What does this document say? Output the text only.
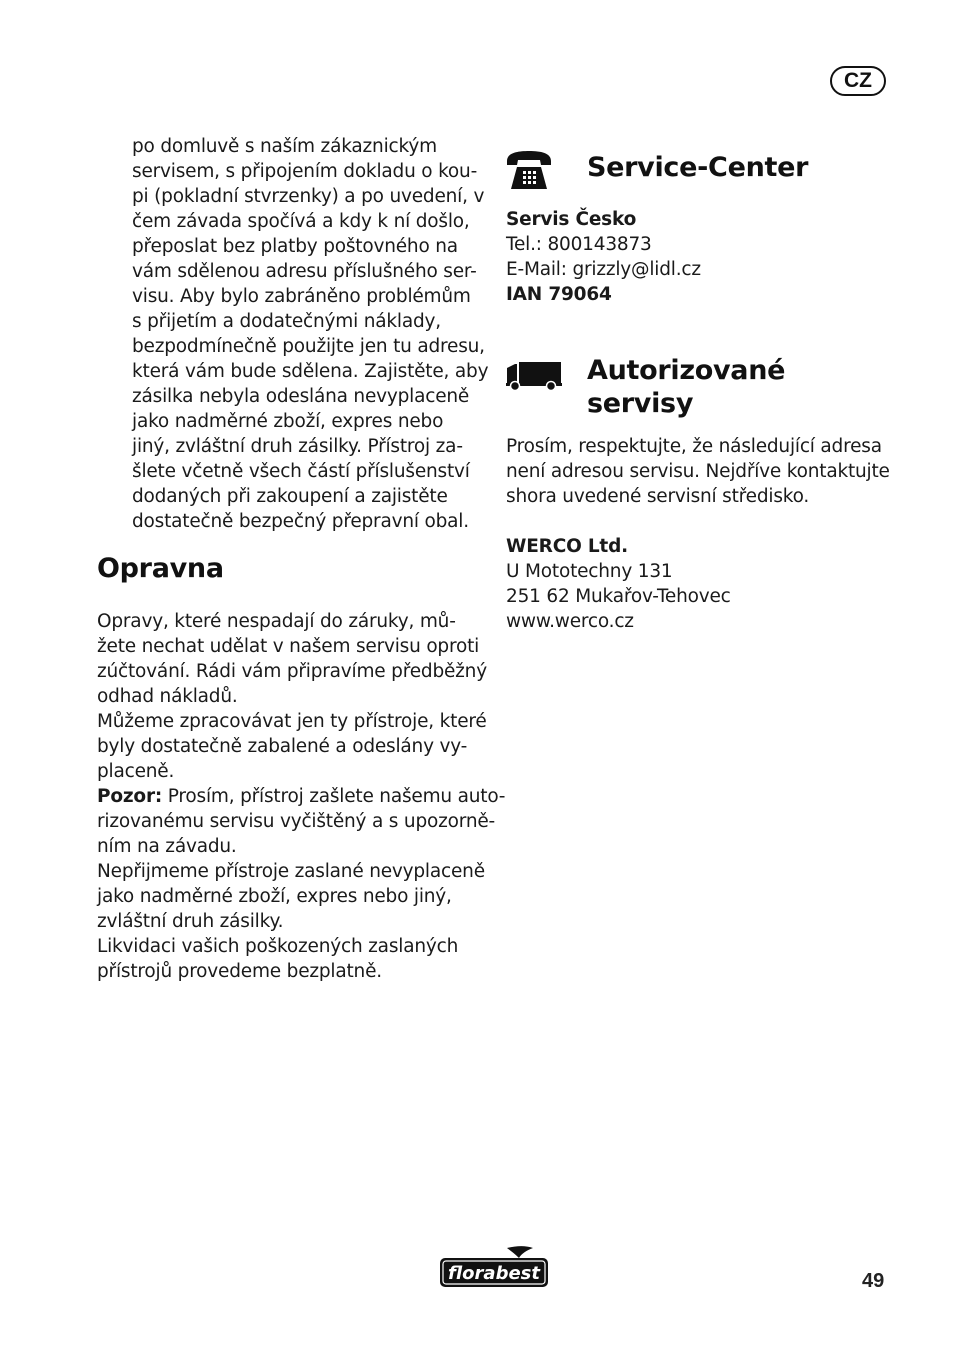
CZ
po domluvě s naším zákaznickým
servisem, s připojením dokladu o kou-
pi (pokladní stvrzenky) a po uvedení, v
čem závada spočívá a kdy k ní došlo,
přeposlat bez platby poštovného na
vám sdělenou adresu příslušného ser-
visu. Aby bylo zabráněno problémům
s přijetím a dodatečnými náklady,
bezpodmínečně použijte jen tu adresu,
která vám bude sdělena. Zajistěte, aby
zásilka nebyla odeslána nevyplaceně
jako nadměrné zboží, expres nebo
jiný, zvláštní druh zásilky. Přístroj za-
šlete včetně všech částí příslušenství
dodaných při zakoupení a zajistěte
dostatečně bezpečný přepravní obal.
Opravna
Opravy, které nespadají do záruky, mů-
žete nechat udělat v našem servisu oproti
zúčtování. Rádi vám připravíme předběžný
odhad nákladů.
Můžeme zpracovávat jen ty přístroje, které
byly dostatečně zabalené a odeslány vy-
placeně.
Pozor: Prosím, přístroj zašlete našemu auto-
rizovanému servisu vyčištěný a s upozorně-
ním na závadu.
Nepřijmeme přístroje zaslané nevyplaceně
jako nadměrné zboží, expres nebo jiný,
zvláštní druh zásilky.
Likvidaci vašich poškozených zaslaných
přístrojů provedeme bezplatně.
Service-Center
Servis Česko
Tel.: 800143873
E-Mail: grizzly@lidl.cz
IAN 79064
Autorizované
servisy
Prosím, respektujte, že následující adresa
není adresou servisu. Nejdříve kontaktujte
shora uvedené servisní středisko.
WERCO Ltd.
U Mototechny 131
251 62 Mukařov-Tehovec
www.werco.cz
florabest	49
